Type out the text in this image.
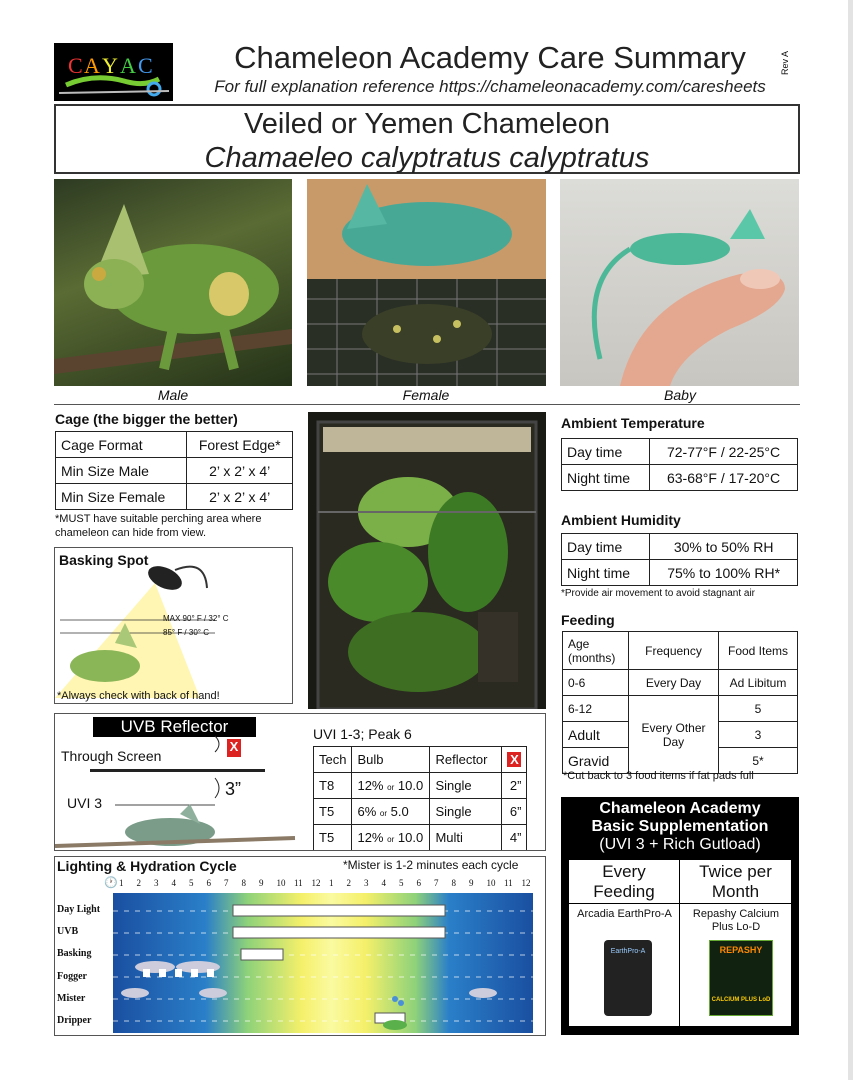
C A Y A C	Chameleon Academy Care Summary
For full explanation reference https://chameleonacademy.com/caresheets
Rev A
Veiled or Yemen Chameleon
Chamaeleo calyptratus calyptratus
Male	Female	Baby
Cage (the bigger the better)
Cage Format	Forest Edge*
Min Size Male	2’ x 2’ x 4’
Min Size Female	2’ x 2’ x 4’
*MUST have suitable perching area where chameleon can hide from view.
Basking Spot
MAX 90° F / 32° C
85° F / 30° C
*Always check with back of hand!
UVB Reflector
Through Screen
X
UVI 3
3”
UVI 1-3; Peak 6
Tech	Bulb	Reflector	X
T8	12% or 10.0	Single	2”
T5	6% or 5.0	Single	6”
T5	12% or 10.0	Multi	4”
Ambient Temperature
Day time	72-77°F / 22-25°C
Night time	63-68°F / 17-20°C
Ambient Humidity
Day time	30% to 50% RH
Night time	75% to 100% RH*
*Provide air movement to avoid stagnant air
Feeding
Age (months)	Frequency	Food Items
0-6	Every Day	Ad Libitum
6-12	Every Other Day	5
Adult		3
Gravid		5*
*Cut back to 3 food items if fat pads full
Chameleon Academy
Basic Supplementation
(UVI 3 + Rich Gutload)
Every Feeding
Twice per Month
Arcadia EarthPro-A	Repashy Calcium Plus Lo-D
EarthPro-A	REPASHY
CALCIUM PLUS LoD
Lighting & Hydration Cycle	*Mister is 1-2 minutes each cycle
🕐 1 2 3 4 5 6 7 8 9 10 11 12 1 2 3 4 5 6 7 8 9 10 11 12
Day Light
UVB
Basking
Fogger
Mister
Dripper
